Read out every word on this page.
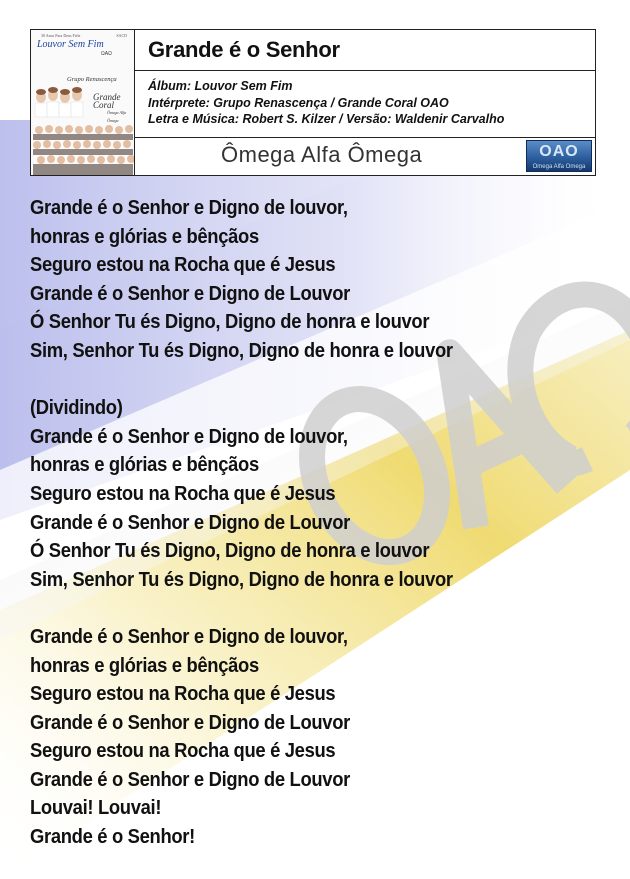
30 Anos Para Deus Fiéis	SACD
Louvor Sem Fim
ΩΑΩ
Grupo Renascença
Grande Coral
Ômega Alfa Ômega
Grande é o Senhor
Álbum: Louvor Sem Fim
Intérprete: Grupo Renascença / Grande Coral OAO
Letra e Música: Robert S. Kilzer / Versão: Waldenir Carvalho
Ômega Alfa Ômega	OAO
Omega Alfa Omega
Grande é o Senhor e Digno de louvor,
honras e glórias e bênçãos
Seguro estou na Rocha que é Jesus
Grande é o Senhor e Digno de Louvor
Ó Senhor Tu és Digno, Digno de honra e louvor
Sim, Senhor Tu és Digno, Digno de honra e louvor
(Dividindo)
Grande é o Senhor e Digno de louvor,
honras e glórias e bênçãos
Seguro estou na Rocha que é Jesus
Grande é o Senhor e Digno de Louvor
Ó Senhor Tu és Digno, Digno de honra e louvor
Sim, Senhor Tu és Digno, Digno de honra e louvor
Grande é o Senhor e Digno de louvor,
honras e glórias e bênçãos
Seguro estou na Rocha que é Jesus
Grande é o Senhor e Digno de Louvor
Seguro estou na Rocha que é Jesus
Grande é o Senhor e Digno de Louvor
Louvai! Louvai!
Grande é o Senhor!
